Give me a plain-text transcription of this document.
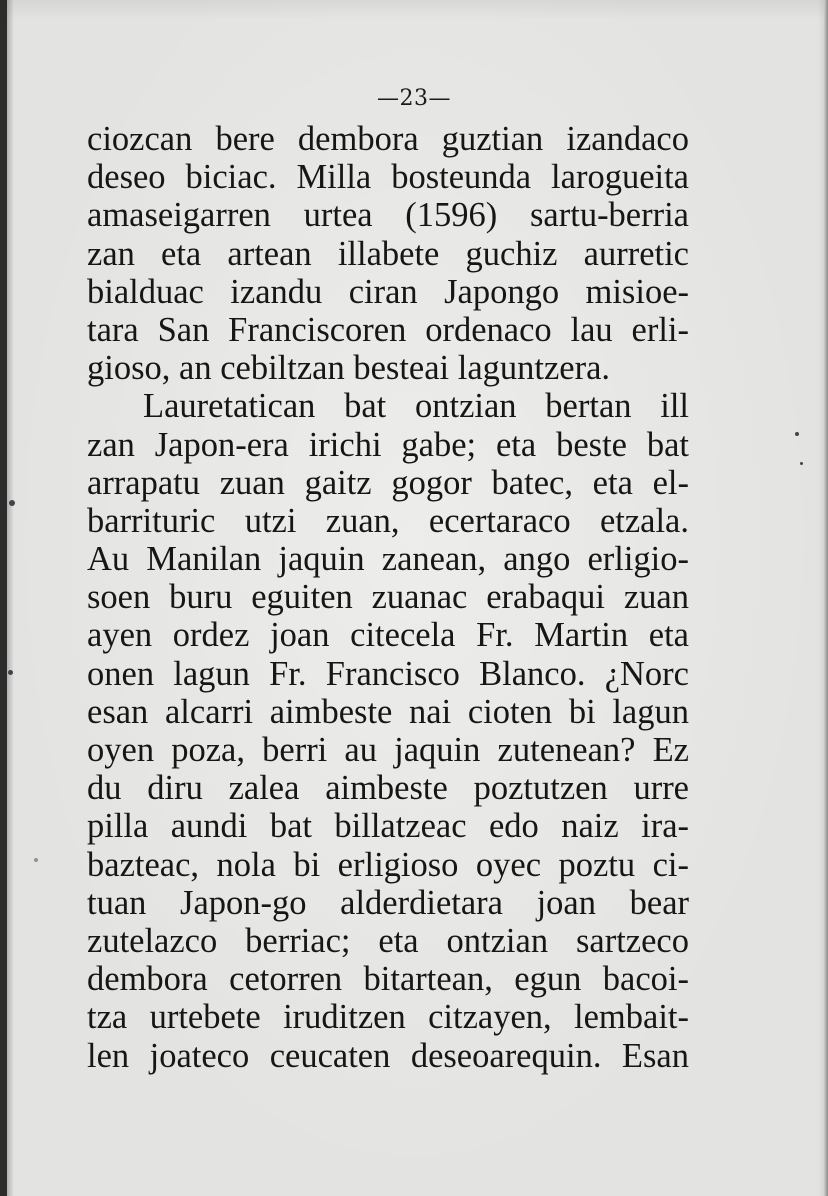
—23—
ciozcan bere dembora guztian izandaco
deseo biciac. Milla bosteunda larogueita
amaseigarren urtea (1596) sartu-berria
zan eta artean illabete guchiz aurretic
bialduac izandu ciran Japongo misioe-
tara San Franciscoren ordenaco lau erli-
gioso, an cebiltzan besteai laguntzera.
Lauretatican bat ontzian bertan ill
zan Japon-era irichi gabe; eta beste bat
arrapatu zuan gaitz gogor batec, eta el-
barrituric utzi zuan, ecertaraco etzala.
Au Manilan jaquin zanean, ango erligio-
soen buru eguiten zuanac erabaqui zuan
ayen ordez joan citecela Fr. Martin eta
onen lagun Fr. Francisco Blanco. ¿Norc
esan alcarri aimbeste nai cioten bi lagun
oyen poza, berri au jaquin zutenean? Ez
du diru zalea aimbeste poztutzen urre
pilla aundi bat billatzeac edo naiz ira-
bazteac, nola bi erligioso oyec poztu ci-
tuan Japon-go alderdietara joan bear
zutelazco berriac; eta ontzian sartzeco
dembora cetorren bitartean, egun bacoi-
tza urtebete iruditzen citzayen, lembait-
len joateco ceucaten deseoarequin. Esan
